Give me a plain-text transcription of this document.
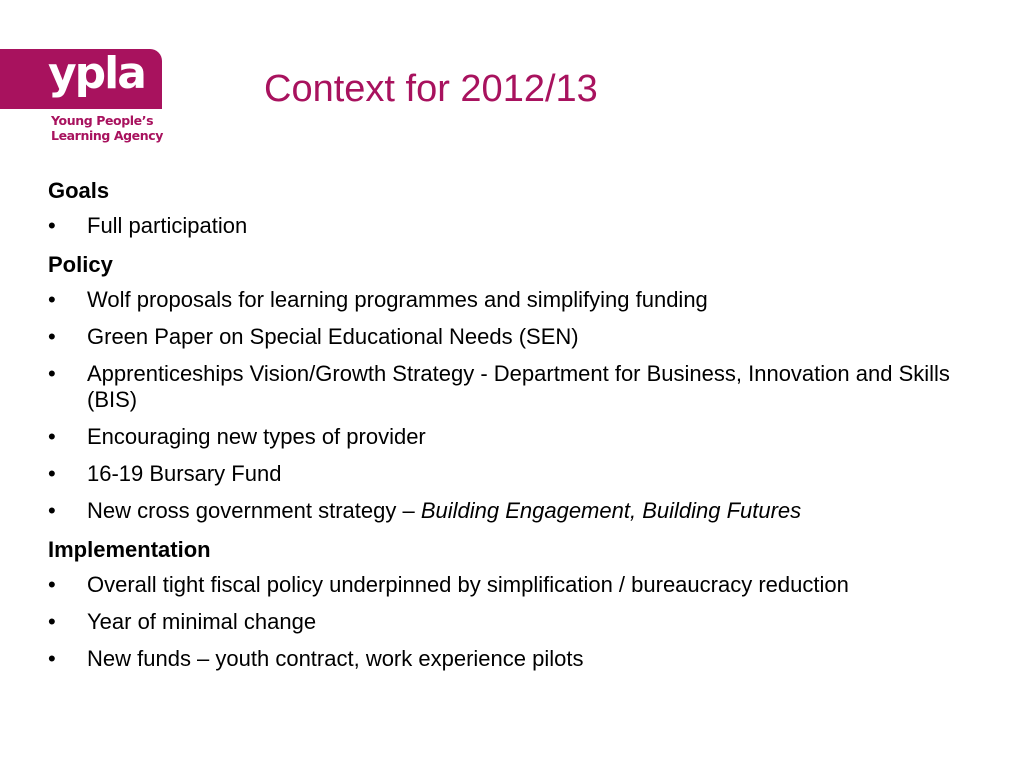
ypla
Young People’s
Learning Agency
Context for 2012/13
Goals
•	Full participation
Policy
•	Wolf proposals for learning programmes and simplifying funding
•	Green Paper on Special Educational Needs (SEN)
•	Apprenticeships Vision/Growth Strategy - Department for Business, Innovation and Skills (BIS)
•	Encouraging new types of provider
•	16-19 Bursary Fund
•	New cross government strategy – Building Engagement, Building Futures
Implementation
•	Overall tight fiscal policy underpinned by simplification / bureaucracy reduction
•	Year of minimal change
•	New funds – youth contract, work experience pilots
